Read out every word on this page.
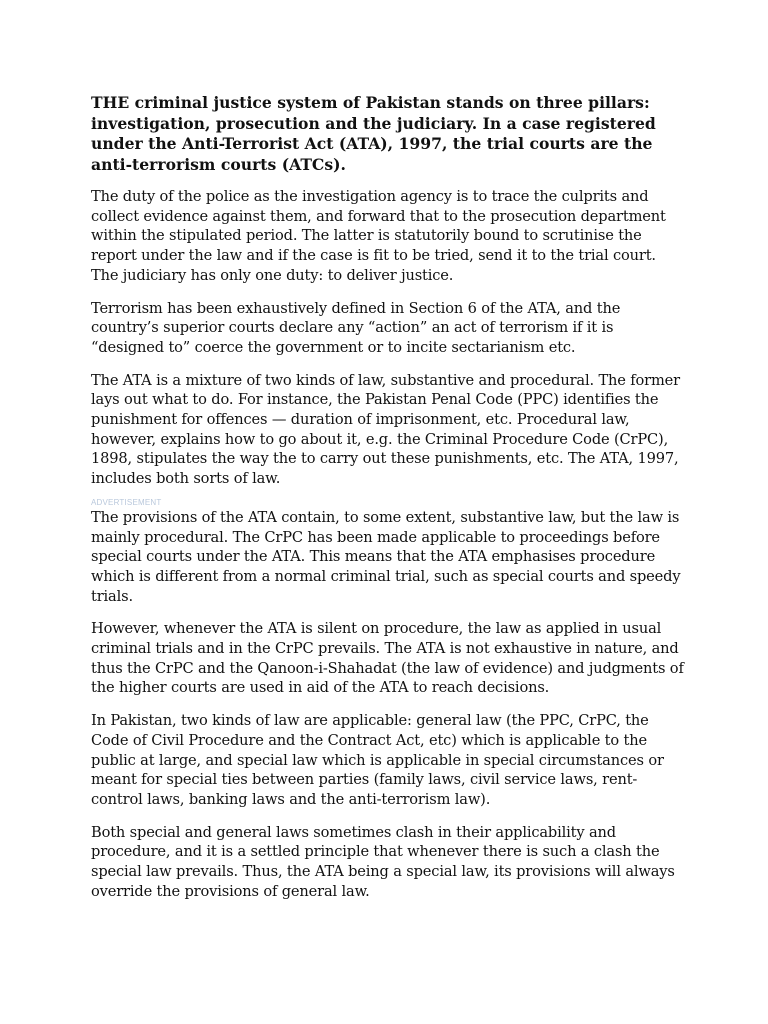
THE criminal justice system of Pakistan stands on three pillars: investigation, prosecution and the judiciary. In a case registered under the Anti-Terrorist Act (ATA), 1997, the trial courts are the anti-terrorism courts (ATCs).

The duty of the police as the investigation agency is to trace the culprits and collect evidence against them, and forward that to the prosecution department within the stipulated period. The latter is statutorily bound to scrutinise the report under the law and if the case is fit to be tried, send it to the trial court. The judiciary has only one duty: to deliver justice.

Terrorism has been exhaustively defined in Section 6 of the ATA, and the country’s superior courts declare any “action” an act of terrorism if it is “designed to” coerce the government or to incite sectarianism etc.

The ATA is a mixture of two kinds of law, substantive and procedural. The former lays out what to do. For instance, the Pakistan Penal Code (PPC) identifies the punishment for offences — duration of imprisonment, etc. Procedural law, however, explains how to go about it, e.g. the Criminal Procedure Code (CrPC), 1898, stipulates the way the to carry out these punishments, etc. The ATA, 1997, includes both sorts of law.

ADVERTISEMENT

The provisions of the ATA contain, to some extent, substantive law, but the law is mainly procedural. The CrPC has been made applicable to proceedings before special courts under the ATA. This means that the ATA emphasises procedure which is different from a normal criminal trial, such as special courts and speedy trials.

However, whenever the ATA is silent on procedure, the law as applied in usual criminal trials and in the CrPC prevails. The ATA is not exhaustive in nature, and thus the CrPC and the Qanoon-i-Shahadat (the law of evidence) and judgments of the higher courts are used in aid of the ATA to reach decisions.

In Pakistan, two kinds of law are applicable: general law (the PPC, CrPC, the Code of Civil Procedure and the Contract Act, etc) which is applicable to the public at large, and special law which is applicable in special circumstances or meant for special ties between parties (family laws, civil service laws, rent-control laws, banking laws and the anti-terrorism law).

Both special and general laws sometimes clash in their applicability and procedure, and it is a settled principle that whenever there is such a clash the special law prevails. Thus, the ATA being a special law, its provisions will always override the provisions of general law.
